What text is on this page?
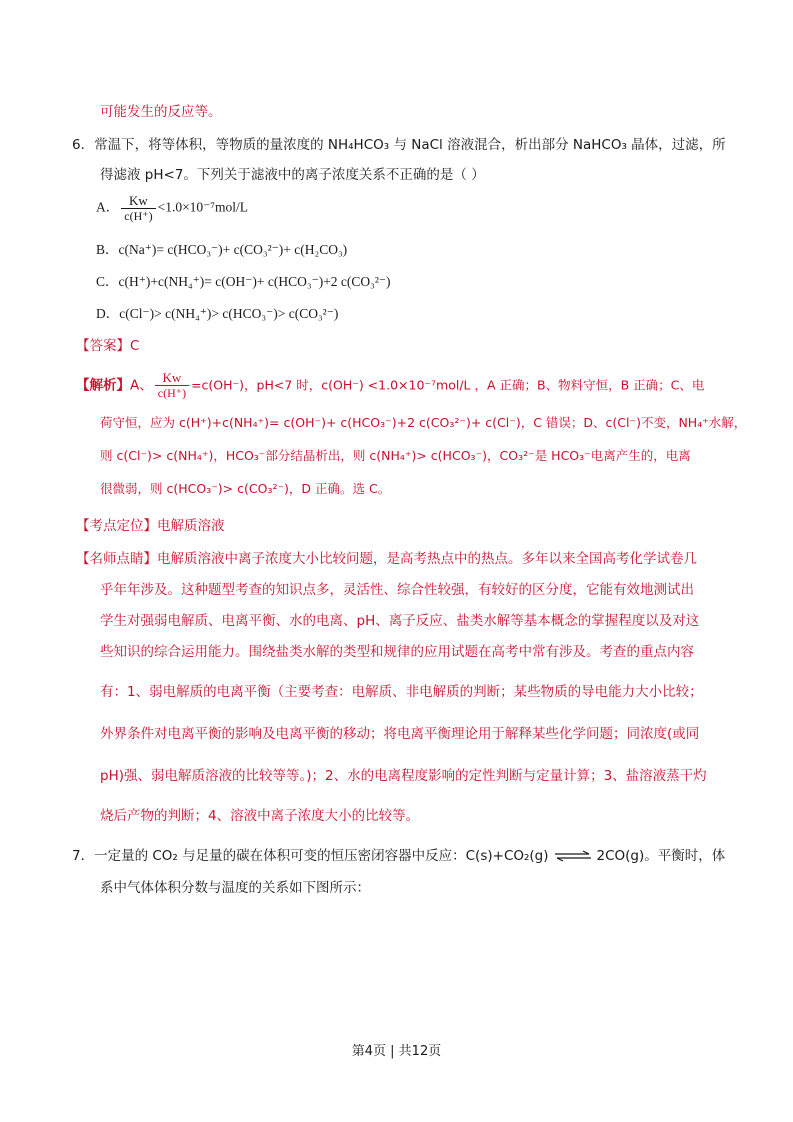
可能发生的反应等。
6．常温下，将等体积，等物质的量浓度的 NH₄HCO₃ 与 NaCl 溶液混合，析出部分 NaHCO₃ 晶体，过滤，所
得滤液 pH<7。下列关于滤液中的离子浓度关系不正确的是（ ）
A． $\frac{Kw}{c(H^+)} <1.0\times 10^{-7}mol/L$
B．c(Na⁺)= c(HCO₃⁻)+ c(CO₃²⁻)+ c(H₂CO₃)
C．c(H⁺)+c(NH₄⁺)= c(OH⁻)+ c(HCO₃⁻)+2 c(CO₃²⁻)
D．c(Cl⁻)> c(NH₄⁺)> c(HCO₃⁻)> c(CO₃²⁻)
【答案】C
【解析】A、 $\frac{Kw}{c(H^+)} =c(OH^-)$，pH<7 时，c(OH⁻) <1.0×10⁻⁷mol/L ，A 正确；B、物料守恒，B 正确；C、电
荷守恒，应为 c(H⁺)+c(NH₄⁺)= c(OH⁻)+ c(HCO₃⁻)+2 c(CO₃²⁻)+ c(Cl⁻)，C 错误；D、c(Cl⁻)不变，NH₄⁺水解，
则 c(Cl⁻)> c(NH₄⁺)，HCO₃⁻部分结晶析出，则 c(NH₄⁺)> c(HCO₃⁻)，CO₃²⁻是 HCO₃⁻电离产生的，电离
很微弱，则 c(HCO₃⁻)> c(CO₃²⁻)，D 正确。选 C。
【考点定位】电解质溶液
【名师点睛】电解质溶液中离子浓度大小比较问题，是高考热点中的热点。多年以来全国高考化学试卷几
乎年年涉及。这种题型考查的知识点多，灵活性、综合性较强，有较好的区分度，它能有效地测试出
学生对强弱电解质、电离平衡、水的电离、pH、离子反应、盐类水解等基本概念的掌握程度以及对这
些知识的综合运用能力。围绕盐类水解的类型和规律的应用试题在高考中常有涉及。考查的重点内容
有：1、弱电解质的电离平衡（主要考查：电解质、非电解质的判断；某些物质的导电能力大小比较；
外界条件对电离平衡的影响及电离平衡的移动；将电离平衡理论用于解释某些化学问题；同浓度(或同
pH)强、弱电解质溶液的比较等等。)；2、水的电离程度影响的定性判断与定量计算；3、盐溶液蒸干灼
烧后产物的判断；4、溶液中离子浓度大小的比较等。
7．一定量的 CO₂ 与足量的碳在体积可变的恒压密闭容器中反应：C(s)+CO₂(g) ⇌ 2CO(g)。平衡时，体
系中气体体积分数与温度的关系如下图所示：
第4页 | 共12页
